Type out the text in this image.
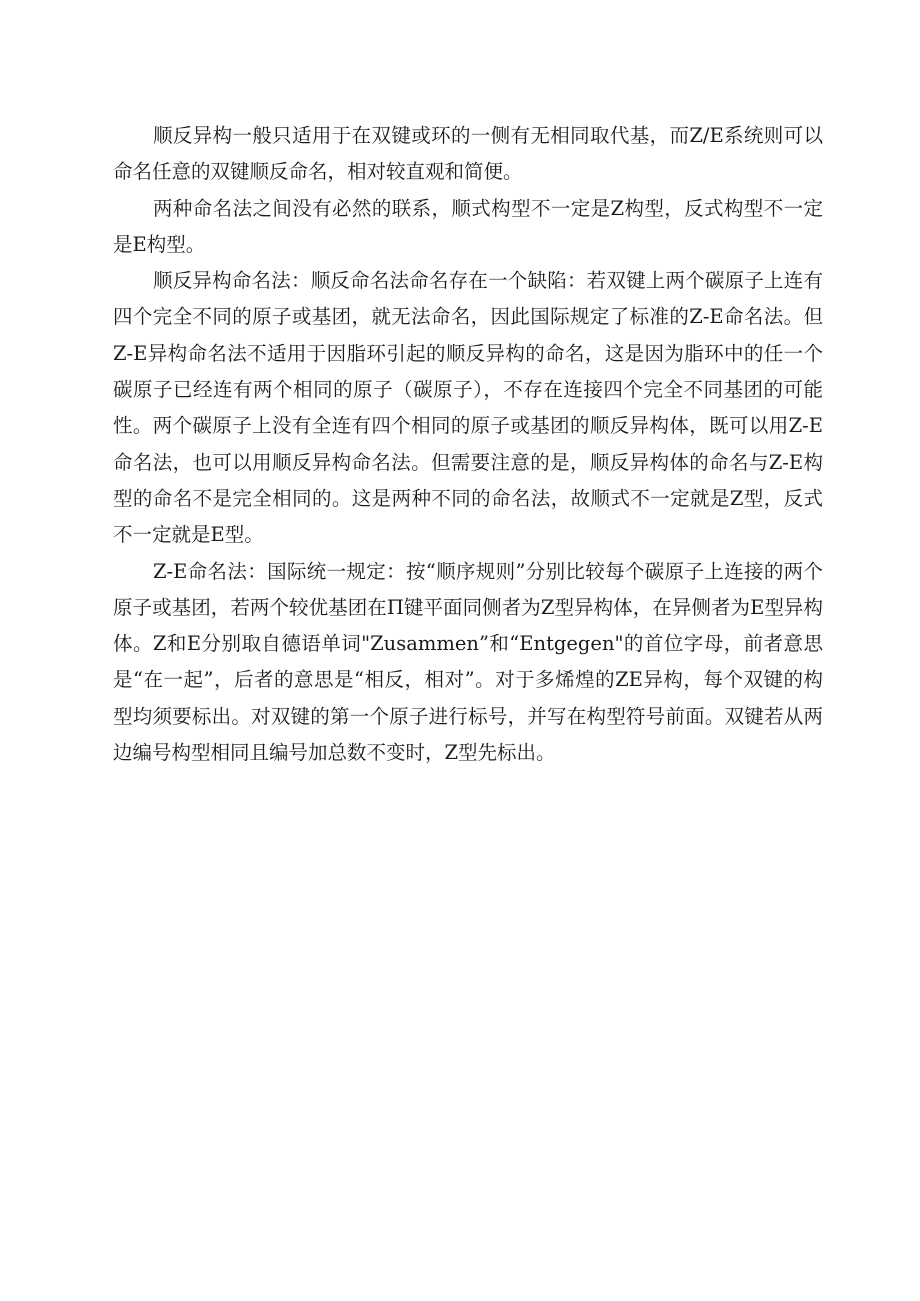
顺反异构一般只适用于在双键或环的一侧有无相同取代基，而Z/E系统则可以命名任意的双键顺反命名，相对较直观和简便。

两种命名法之间没有必然的联系，顺式构型不一定是Z构型，反式构型不一定是E构型。

顺反异构命名法：顺反命名法命名存在一个缺陷：若双键上两个碳原子上连有四个完全不同的原子或基团，就无法命名，因此国际规定了标准的Z-E命名法。但Z-E异构命名法不适用于因脂环引起的顺反异构的命名，这是因为脂环中的任一个碳原子已经连有两个相同的原子（碳原子），不存在连接四个完全不同基团的可能性。两个碳原子上没有全连有四个相同的原子或基团的顺反异构体，既可以用Z-E命名法，也可以用顺反异构命名法。但需要注意的是，顺反异构体的命名与Z-E构型的命名不是完全相同的。这是两种不同的命名法，故顺式不一定就是Z型，反式不一定就是E型。

Z-E命名法：国际统一规定：按“顺序规则”分别比较每个碳原子上连接的两个原子或基团，若两个较优基团在Π键平面同侧者为Z型异构体，在异侧者为E型异构体。Z和E分别取自德语单词"Zusammen”和“Entgegen"的首位字母，前者意思是“在一起”，后者的意思是“相反，相对”。对于多烯煌的ZE异构，每个双键的构型均须要标出。对双键的第一个原子进行标号，并写在构型符号前面。双键若从两边编号构型相同且编号加总数不变时，Z型先标出。
